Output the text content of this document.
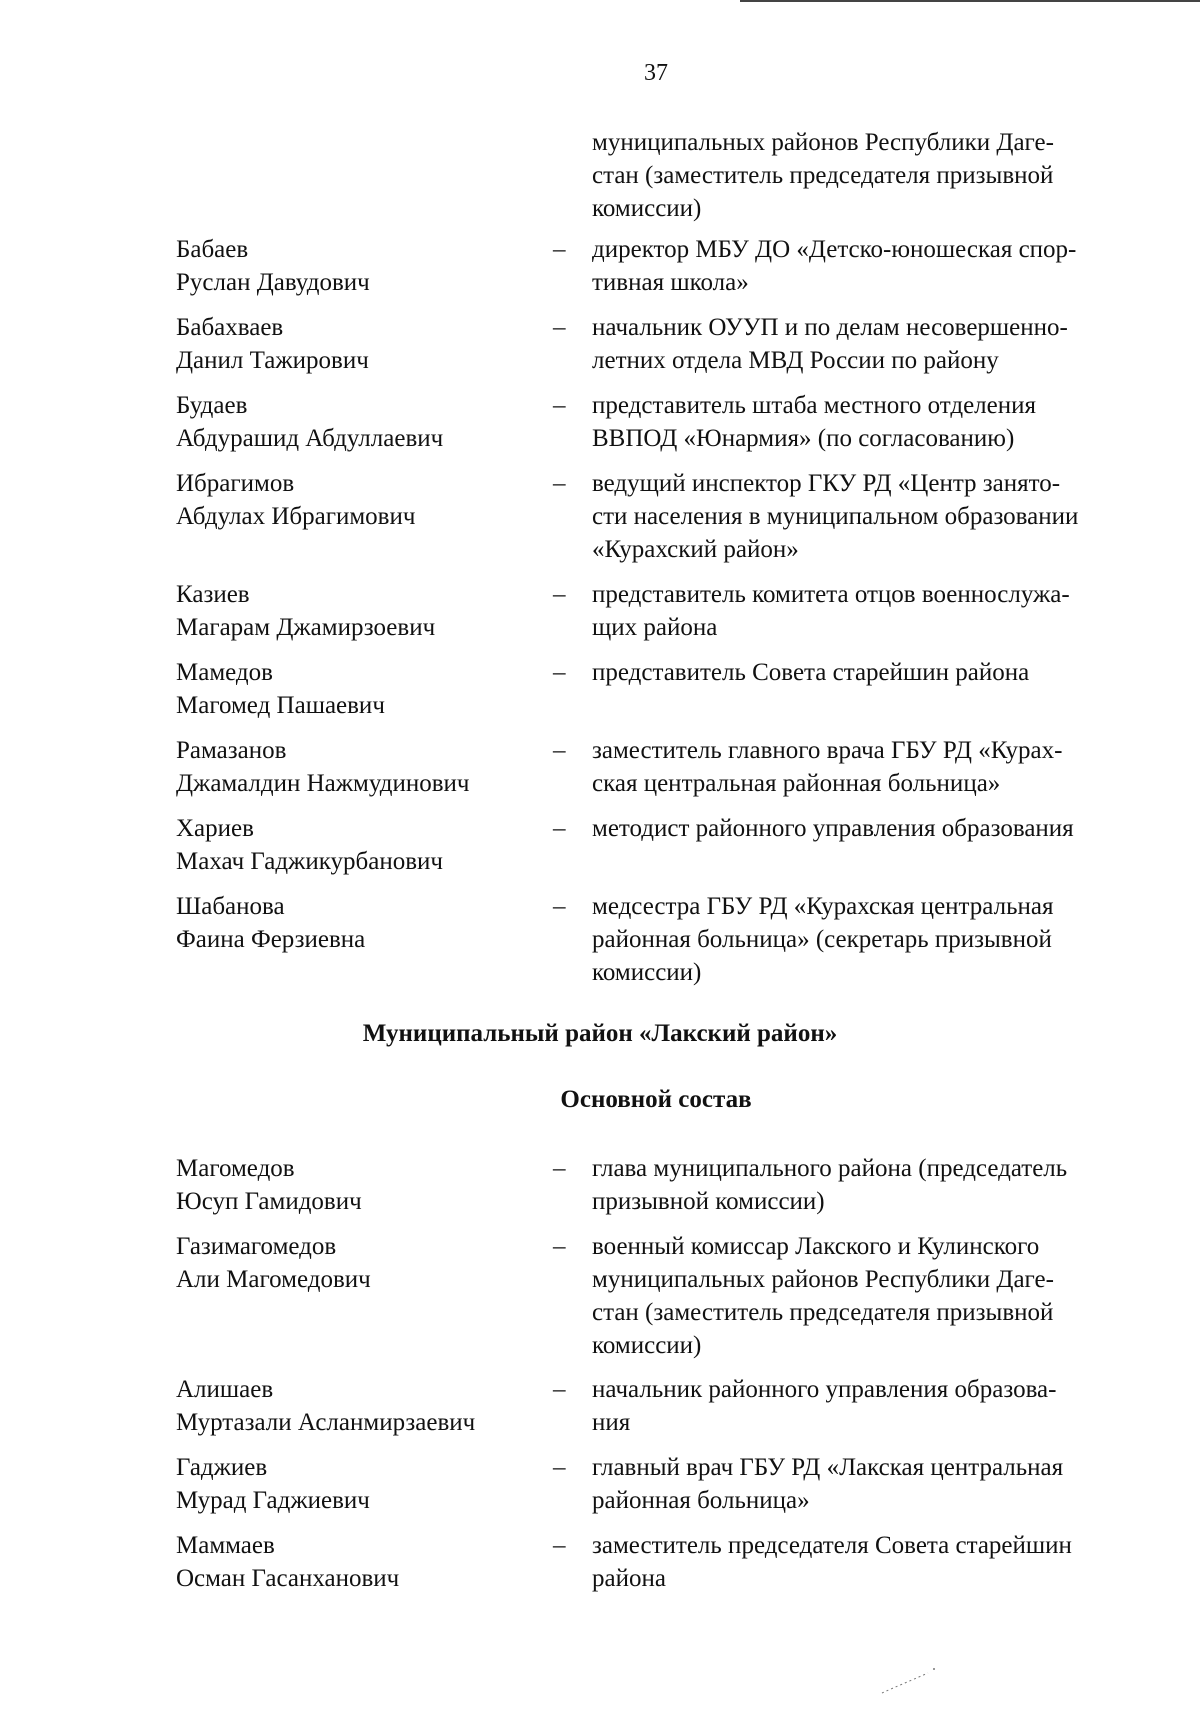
37
муниципальных районов Республики Даге-
стан (заместитель председателя призывной
комиссии)
Бабаев
Руслан Давудович
– директор МБУ ДО «Детско-юношеская спор-
тивная школа»
Бабахваев
Данил Тажирович
– начальник ОУУП и по делам несовершенно-
летних отдела МВД России по району
Будаев
Абдурашид Абдуллаевич
– представитель штаба местного отделения
ВВПОД «Юнармия» (по согласованию)
Ибрагимов
Абдулах Ибрагимович
– ведущий инспектор ГКУ РД «Центр занято-
сти населения в муниципальном образовании
«Курахский район»
Казиев
Магарам Джамирзоевич
– представитель комитета отцов военнослужа-
щих района
Мамедов
Магомед Пашаевич
– представитель Совета старейшин района
Рамазанов
Джамалдин Нажмудинович
– заместитель главного врача ГБУ РД «Курах-
ская центральная районная больница»
Хариев
Махач Гаджикурбанович
– методист районного управления образования
Шабанова
Фаина Ферзиевна
– медсестра ГБУ РД «Курахская центральная
районная больница» (секретарь призывной
комиссии)
Муниципальный район «Лакский район»
Основной состав
Магомедов
Юсуп Гамидович
– глава муниципального района (председатель
призывной комиссии)
Газимагомедов
Али Магомедович
– военный комиссар Лакского и Кулинского
муниципальных районов Республики Даге-
стан (заместитель председателя призывной
комиссии)
Алишаев
Муртазали Асланмирзаевич
– начальник районного управления образова-
ния
Гаджиев
Мурад Гаджиевич
– главный врач ГБУ РД «Лакская центральная
районная больница»
Маммаев
Осман Гасанханович
– заместитель председателя Совета старейшин
района
